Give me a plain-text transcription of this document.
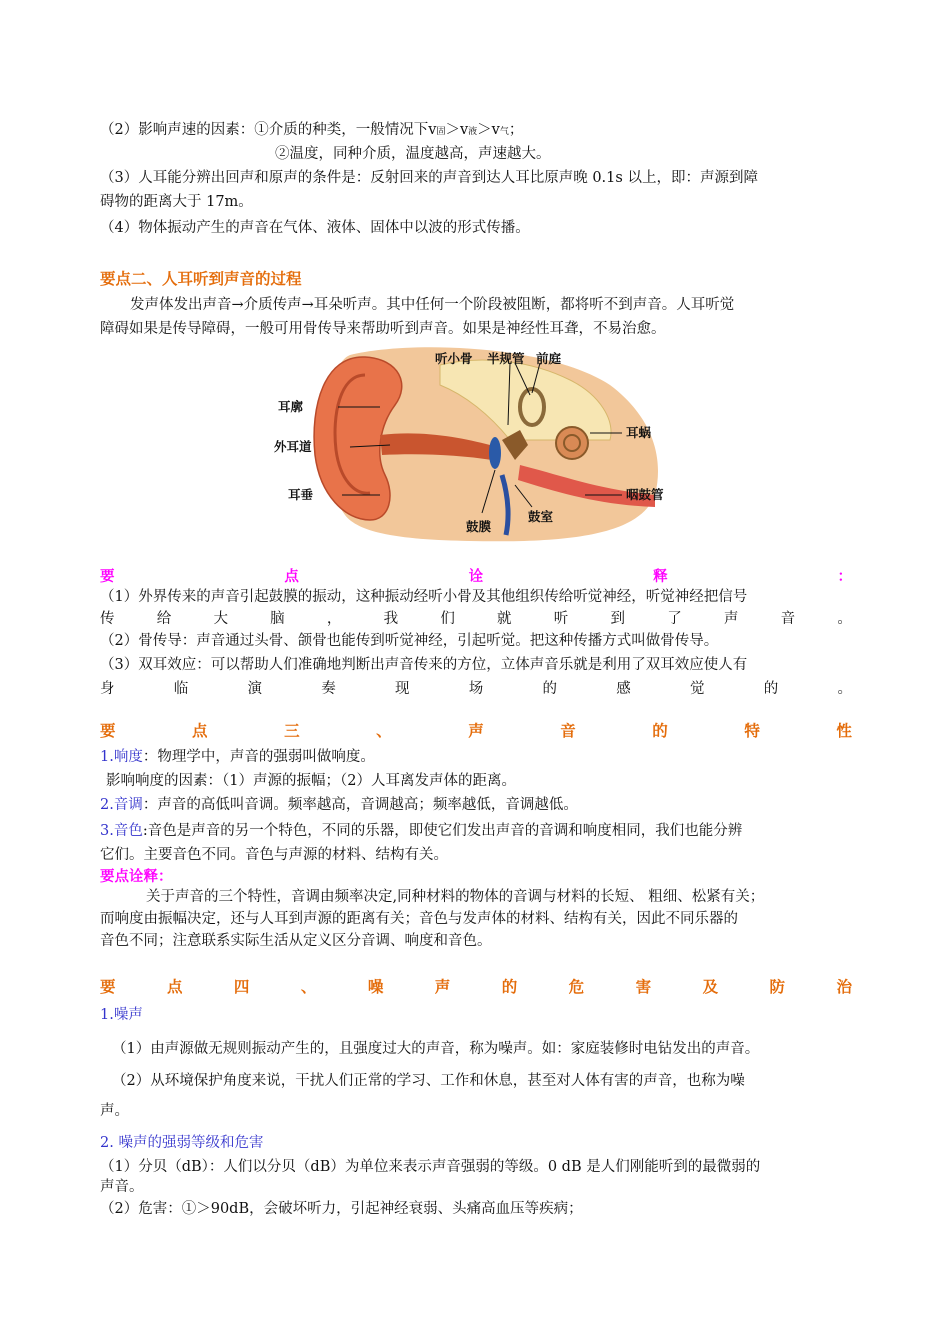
（2）影响声速的因素：①介质的种类，一般情况下v固＞v液＞v气；
②温度，同种介质，温度越高，声速越大。
（3）人耳能分辨出回声和原声的条件是：反射回来的声音到达人耳比原声晚 0.1s 以上，即：声源到障
碍物的距离大于 17m。
（4）物体振动产生的声音在气体、液体、固体中以波的形式传播。
要点二、人耳听到声音的过程
发声体发出声音→介质传声→耳朵听声。其中任何一个阶段被阻断，都将听不到声音。人耳听觉
障碍如果是传导障碍，一般可用骨传导来帮助听到声音。如果是神经性耳聋，不易治愈。
听小骨 半规管 前庭
耳廓
外耳道
耳垂
耳蜗
咽鼓管
鼓膜
鼓室
要	点	诠	释	：
（1）外界传来的声音引起鼓膜的振动，这种振动经听小骨及其他组织传给听觉神经，听觉神经把信号
传	给	大	脑	，	我	们	就	听	到	了	声	音	。
（2）骨传导：声音通过头骨、颌骨也能传到听觉神经，引起听觉。把这种传播方式叫做骨传导。
（3）双耳效应：可以帮助人们准确地判断出声音传来的方位，立体声音乐就是利用了双耳效应使人有
身	临	演	奏	现	场	的	感	觉	的	。
要	点	三	、	声	音	的	特	性
1.响度：物理学中，声音的强弱叫做响度。
影响响度的因素：（1）声源的振幅；（2）人耳离发声体的距离。
2.音调：声音的高低叫音调。频率越高，音调越高；频率越低，音调越低。
3.音色:音色是声音的另一个特色，不同的乐器，即使它们发出声音的音调和响度相同，我们也能分辨
它们。主要音色不同。音色与声源的材料、结构有关。
要点诠释：
关于声音的三个特性，音调由频率决定,同种材料的物体的音调与材料的长短、 粗细、松紧有关；
而响度由振幅决定，还与人耳到声源的距离有关；音色与发声体的材料、结构有关，因此不同乐器的
音色不同；注意联系实际生活从定义区分音调、响度和音色。
要	点	四	、	噪	声	的	危	害	及	防	治
1.噪声
（1）由声源做无规则振动产生的，且强度过大的声音，称为噪声。如：家庭装修时电钻发出的声音。
（2）从环境保护角度来说，干扰人们正常的学习、工作和休息，甚至对人体有害的声音，也称为噪
声。
2. 噪声的强弱等级和危害
（1）分贝（dB）：人们以分贝（dB）为单位来表示声音强弱的等级。0 dB 是人们刚能听到的最微弱的
声音。
（2）危害：①＞90dB，会破坏听力，引起神经衰弱、头痛高血压等疾病；
